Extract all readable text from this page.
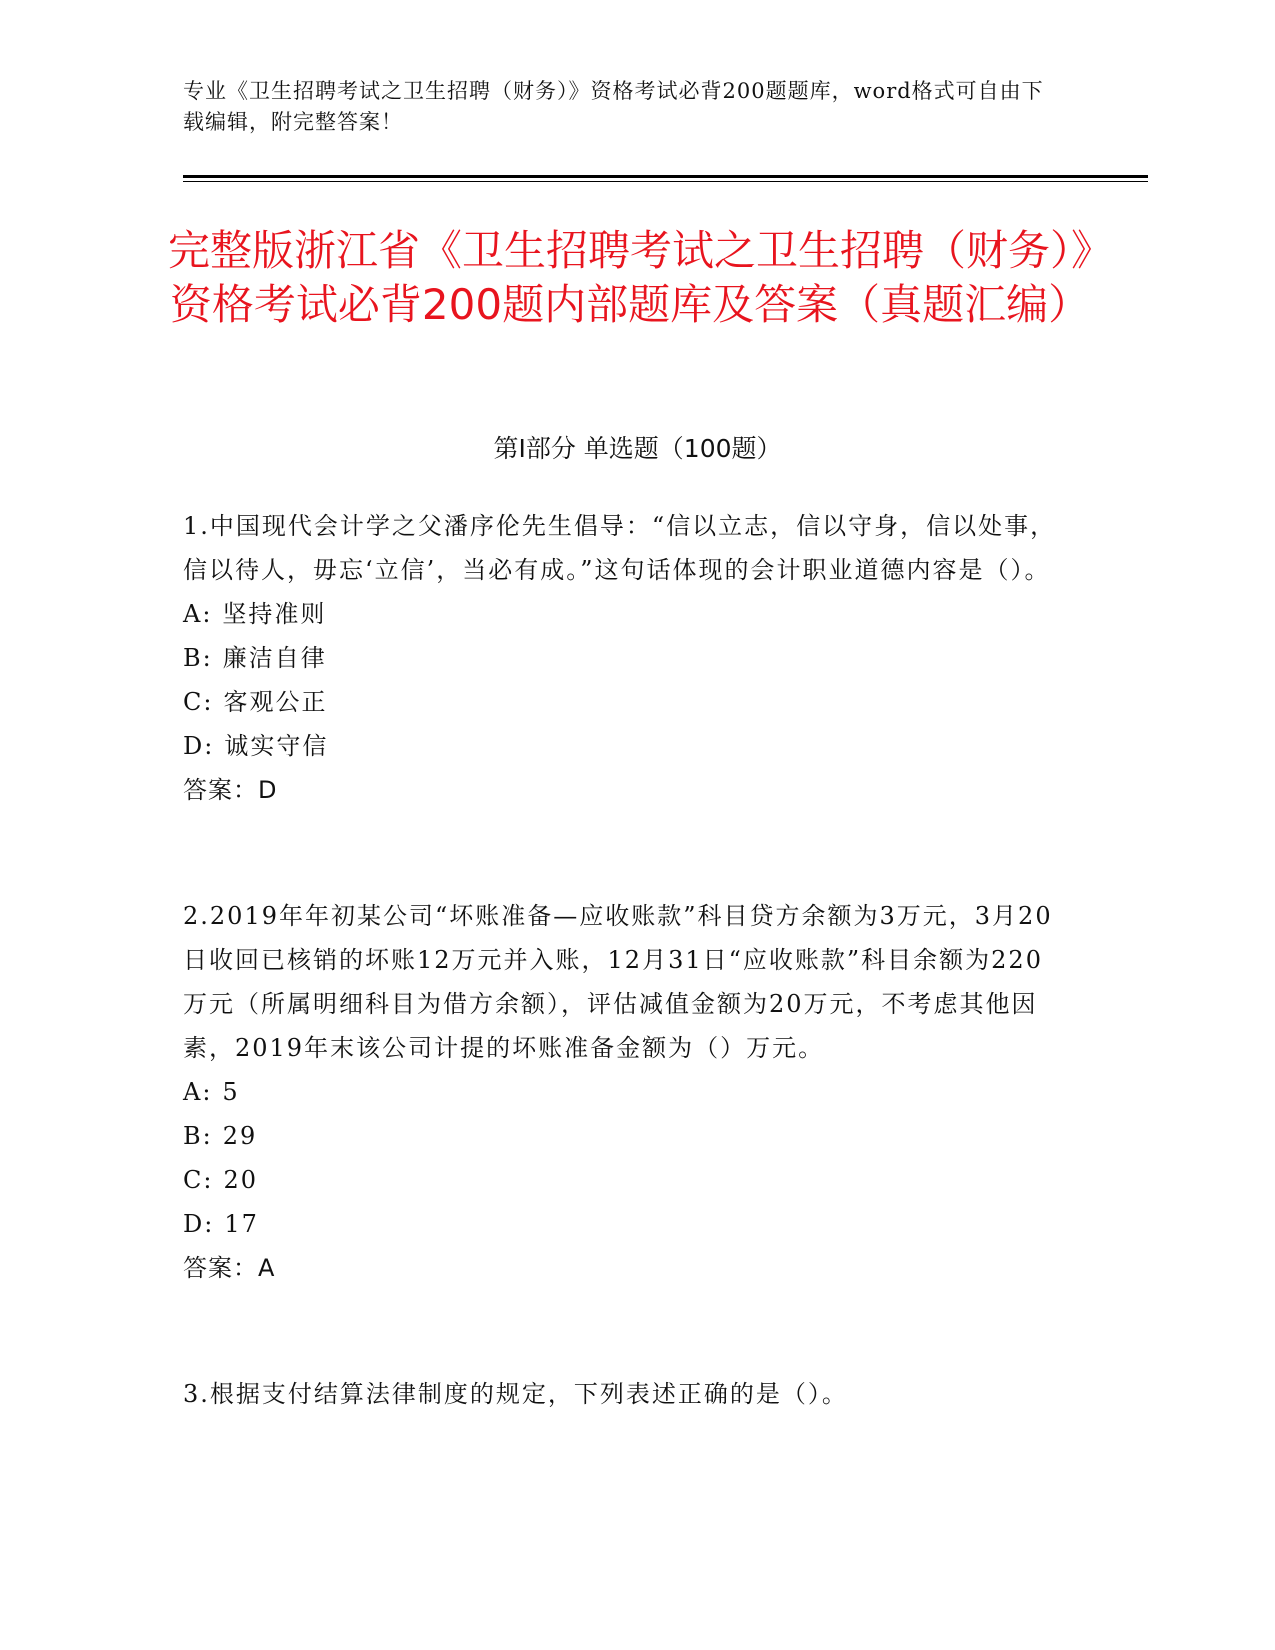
专业《卫生招聘考试之卫生招聘（财务）》资格考试必背200题题库，word格式可自由下载编辑，附完整答案！
完整版浙江省《卫生招聘考试之卫生招聘（财务）》资格考试必背200题内部题库及答案（真题汇编）
第Ⅰ部分 单选题（100题）

1.中国现代会计学之父潘序伦先生倡导：“信以立志，信以守身，信以处事，信以待人，毋忘‘立信’，当必有成。”这句话体现的会计职业道德内容是（）。

A: 坚持准则

B: 廉洁自律

C: 客观公正

D: 诚实守信

答案：D

2.2019年年初某公司“坏账准备—应收账款”科目贷方余额为3万元，3月20日收回已核销的坏账12万元并入账，12月31日“应收账款”科目余额为220万元（所属明细科目为借方余额），评估减值金额为20万元，不考虑其他因素，2019年末该公司计提的坏账准备金额为（）万元。

A: 5

B: 29

C: 20

D: 17

答案：A

3.根据支付结算法律制度的规定，下列表述正确的是（）。
